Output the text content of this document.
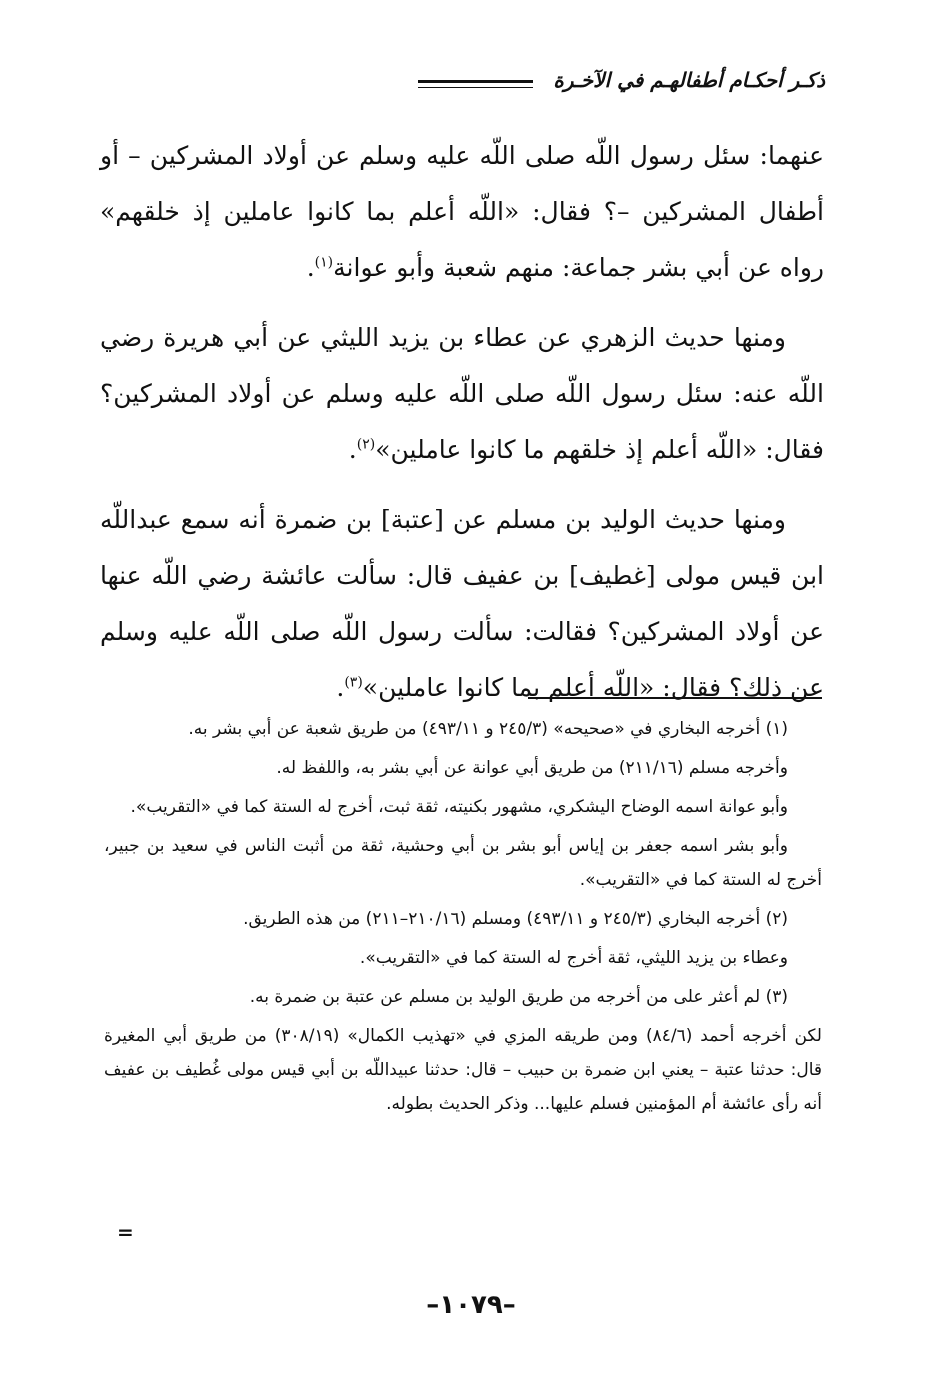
ذكـر أحكـام أطفالهـم في الآخـرة

عنهما: سئل رسول اللّه صلى اللّه عليه وسلم عن أولاد المشركين – أو أطفال المشركين –؟ فقال: «اللّه أعلم بما كانوا عاملين إذ خلقهم» رواه عن أبي بشر جماعة: منهم شعبة وأبو عوانة$^{(١)}$.

ومنها حديث الزهري عن عطاء بن يزيد الليثي عن أبي هريرة رضي اللّه عنه: سئل رسول اللّه صلى اللّه عليه وسلم عن أولاد المشركين؟ فقال: «اللّه أعلم إذ خلقهم ما كانوا عاملين»$^{(٢)}$.

ومنها حديث الوليد بن مسلم عن [عتبة] بن ضمرة أنه سمع عبداللّه ابن قيس مولى [غطيف] بن عفيف قال: سألت عائشة رضي اللّه عنها عن أولاد المشركين؟ فقالت: سألت رسول اللّه صلى اللّه عليه وسلم عن ذلك؟ فقال: «اللّه أعلم بما كانوا عاملين»$^{(٣)}$.

(١) أخرجه البخاري في «صحيحه» (٢٤٥/٣ و ٤٩٣/١١) من طريق شعبة عن أبي بشر به.

وأخرجه مسلم (٢١١/١٦) من طريق أبي عوانة عن أبي بشر به، واللفظ له.

وأبو عوانة اسمه الوضاح اليشكري، مشهور بكنيته، ثقة ثبت، أخرج له الستة كما في «التقريب».

وأبو بشر اسمه جعفر بن إياس أبو بشر بن أبي وحشية، ثقة من أثبت الناس في سعيد بن جبير، أخرج له الستة كما في «التقريب».

(٢) أخرجه البخاري (٢٤٥/٣ و ٤٩٣/١١) ومسلم (٢١٠/١٦–٢١١) من هذه الطريق.

وعطاء بن يزيد الليثي، ثقة أخرج له الستة كما في «التقريب».

(٣) لم أعثر على من أخرجه من طريق الوليد بن مسلم عن عتبة بن ضمرة به.

لكن أخرجه أحمد (٨٤/٦) ومن طريقه المزي في «تهذيب الكمال» (٣٠٨/١٩) من طريق أبي المغيرة قال: حدثنا عتبة – يعني ابن ضمرة بن حبيب – قال: حدثنا عبيداللّه بن أبي قيس مولى غُطيف بن عفيف أنه رأى عائشة أم المؤمنين فسلم عليها... وذكر الحديث بطوله.

=
–١٠٧٩–
